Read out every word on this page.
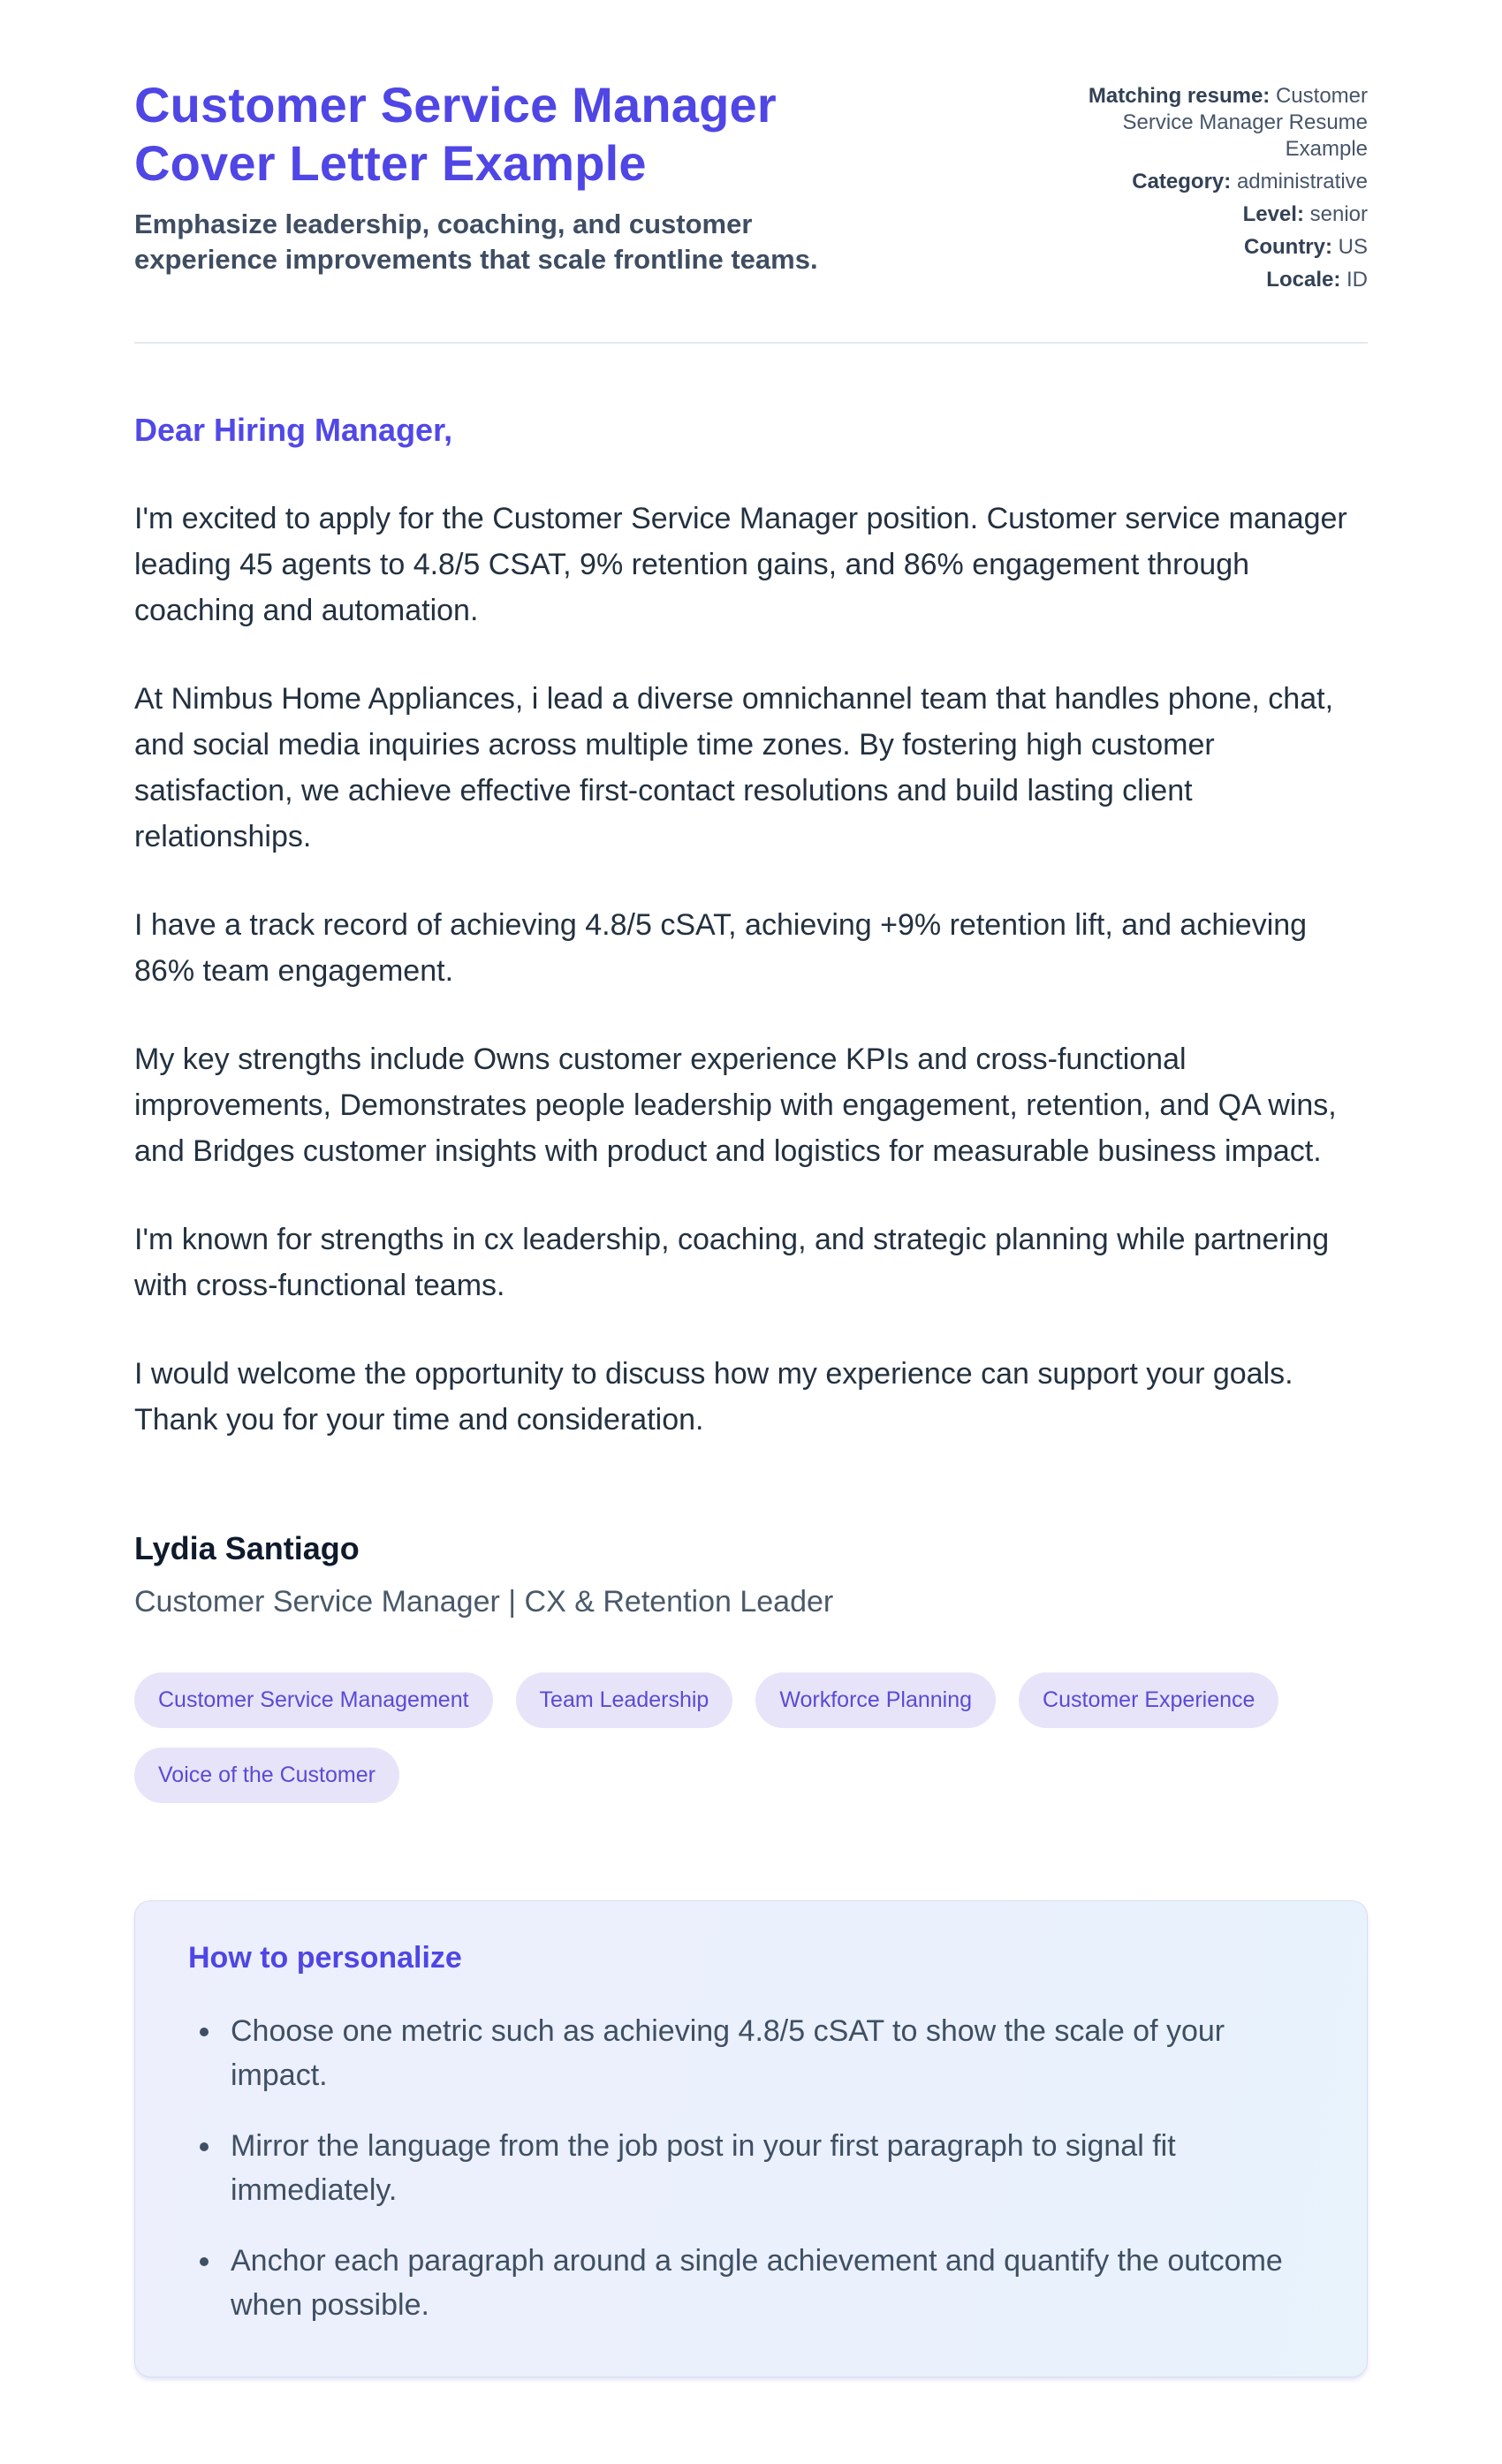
Customer Service Manager Cover Letter Example

Emphasize leadership, coaching, and customer experience improvements that scale frontline teams.

Matching resume: Customer Service Manager Resume Example
Category: administrative
Level: senior
Country: US
Locale: ID

Dear Hiring Manager,

I'm excited to apply for the Customer Service Manager position. Customer service manager leading 45 agents to 4.8/5 CSAT, 9% retention gains, and 86% engagement through coaching and automation.

At Nimbus Home Appliances, i lead a diverse omnichannel team that handles phone, chat, and social media inquiries across multiple time zones. By fostering high customer satisfaction, we achieve effective first-contact resolutions and build lasting client relationships.

I have a track record of achieving 4.8/5 cSAT, achieving +9% retention lift, and achieving 86% team engagement.

My key strengths include Owns customer experience KPIs and cross-functional improvements, Demonstrates people leadership with engagement, retention, and QA wins, and Bridges customer insights with product and logistics for measurable business impact.

I'm known for strengths in cx leadership, coaching, and strategic planning while partnering with cross-functional teams.

I would welcome the opportunity to discuss how my experience can support your goals. Thank you for your time and consideration.

Lydia Santiago

Customer Service Manager | CX & Retention Leader

Customer Service Management	Team Leadership	Workforce Planning	Customer Experience
Voice of the Customer
How to personalize
• Choose one metric such as achieving 4.8/5 cSAT to show the scale of your impact.
• Mirror the language from the job post in your first paragraph to signal fit immediately.
• Anchor each paragraph around a single achievement and quantify the outcome when possible.
